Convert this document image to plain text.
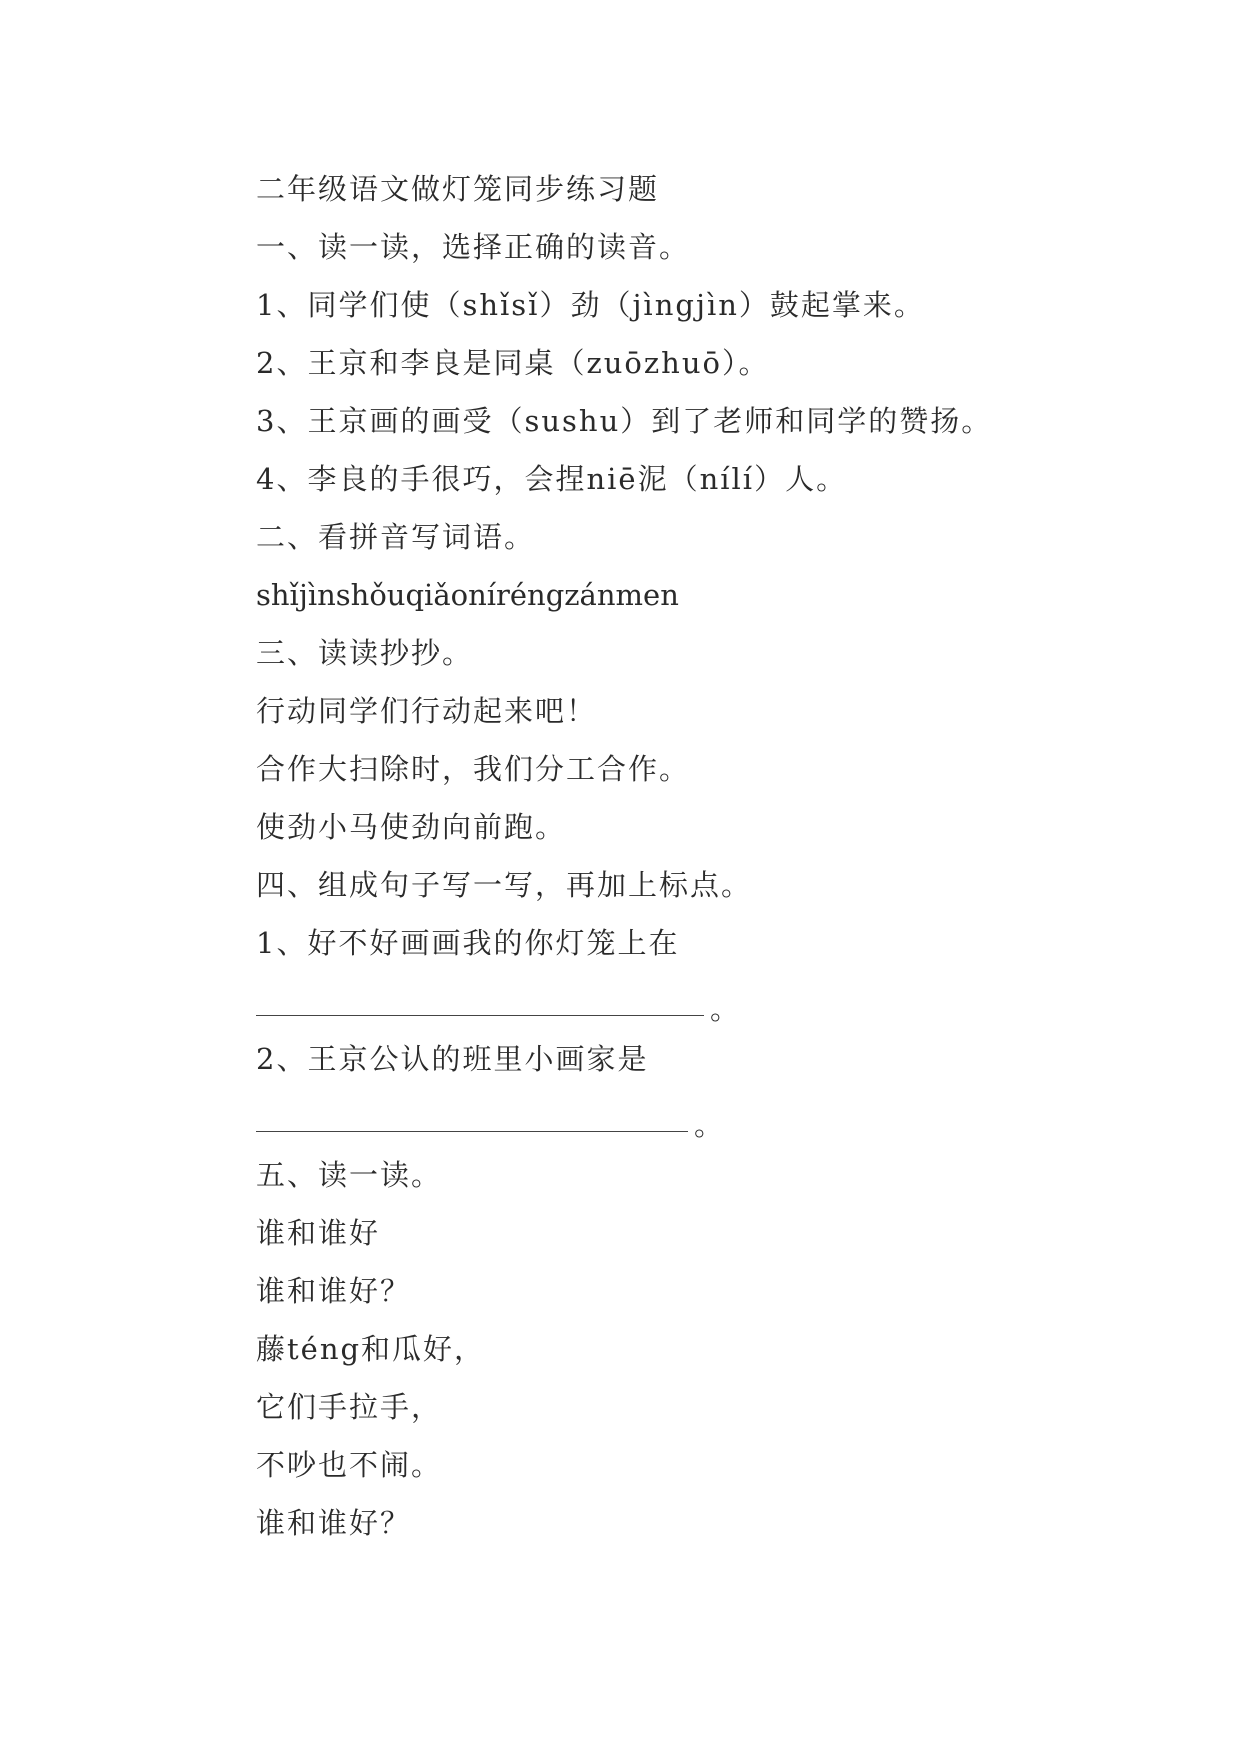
二年级语文做灯笼同步练习题
一、读一读，选择正确的读音。
1、同学们使（shǐsǐ）劲（jìngjìn）鼓起掌来。
2、王京和李良是同桌（zuōzhuō）。
3、王京画的画受（sushu）到了老师和同学的赞扬。
4、李良的手很巧，会捏niē泥（nílí）人。
二、看拼音写词语。
shǐjìnshǒuqiǎoníréngzánmen
三、读读抄抄。
行动同学们行动起来吧！
合作大扫除时，我们分工合作。
使劲小马使劲向前跑。
四、组成句子写一写，再加上标点。
1、好不好画画我的你灯笼上在
。
2、王京公认的班里小画家是
。
五、读一读。
谁和谁好
谁和谁好？
藤téng和瓜好，
它们手拉手，
不吵也不闹。
谁和谁好？
